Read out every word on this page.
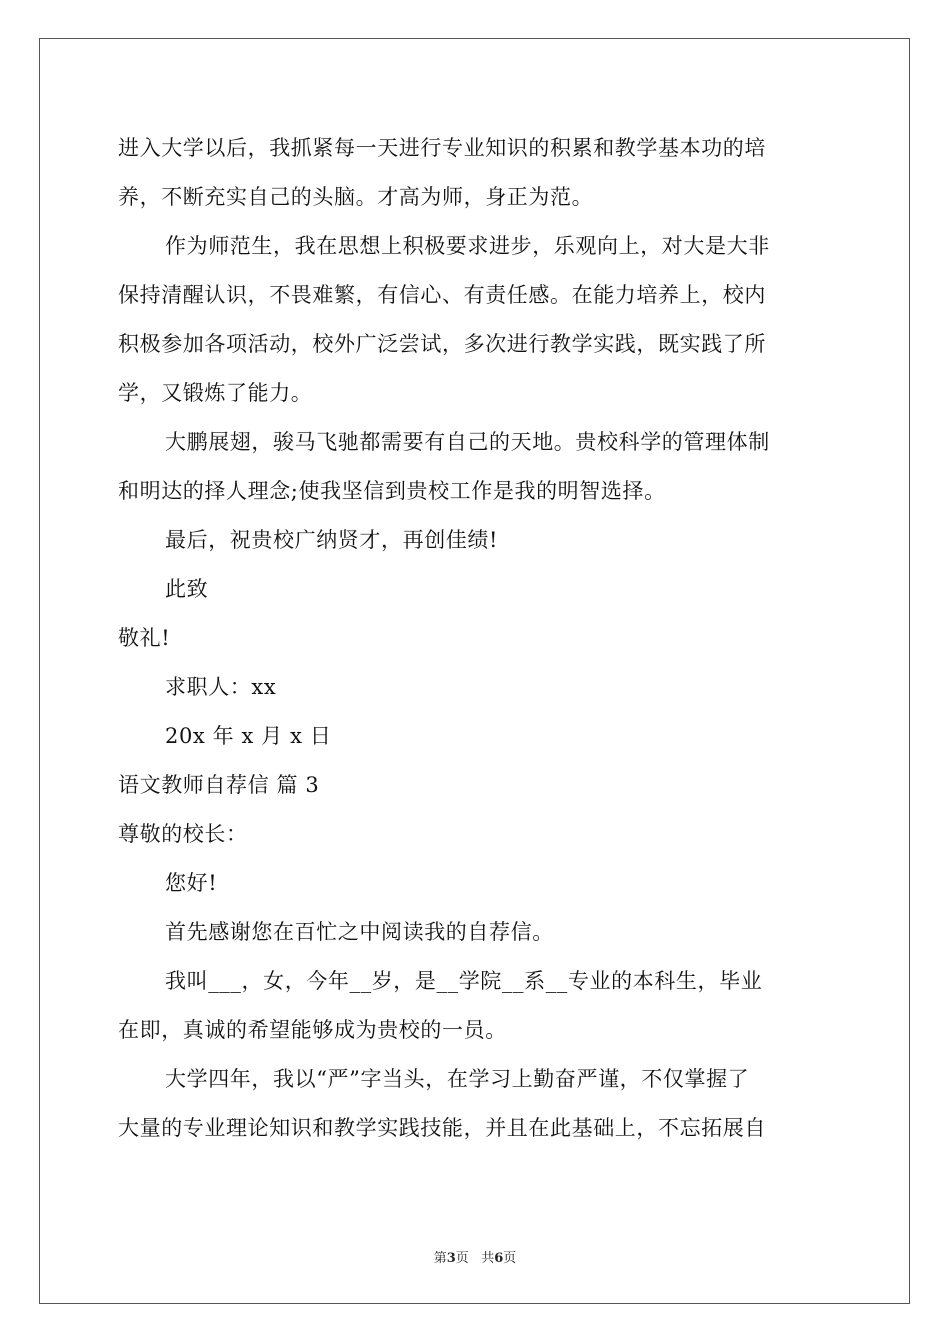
进入大学以后，我抓紧每一天进行专业知识的积累和教学基本功的培
养，不断充实自己的头脑。才高为师，身正为范。
作为师范生，我在思想上积极要求进步，乐观向上，对大是大非
保持清醒认识，不畏难繁，有信心、有责任感。在能力培养上，校内
积极参加各项活动，校外广泛尝试，多次进行教学实践，既实践了所
学，又锻炼了能力。
大鹏展翅，骏马飞驰都需要有自己的天地。贵校科学的管理体制
和明达的择人理念;使我坚信到贵校工作是我的明智选择。
最后，祝贵校广纳贤才，再创佳绩!
此致
敬礼!
求职人：xx
20x 年 x 月 x 日
语文教师自荐信 篇 3
尊敬的校长：
您好!
首先感谢您在百忙之中阅读我的自荐信。
我叫___，女，今年__岁，是__学院__系__专业的本科生，毕业
在即，真诚的希望能够成为贵校的一员。
大学四年，我以“严”字当头，在学习上勤奋严谨，不仅掌握了
大量的专业理论知识和教学实践技能，并且在此基础上，不忘拓展自
第3页   共6页
